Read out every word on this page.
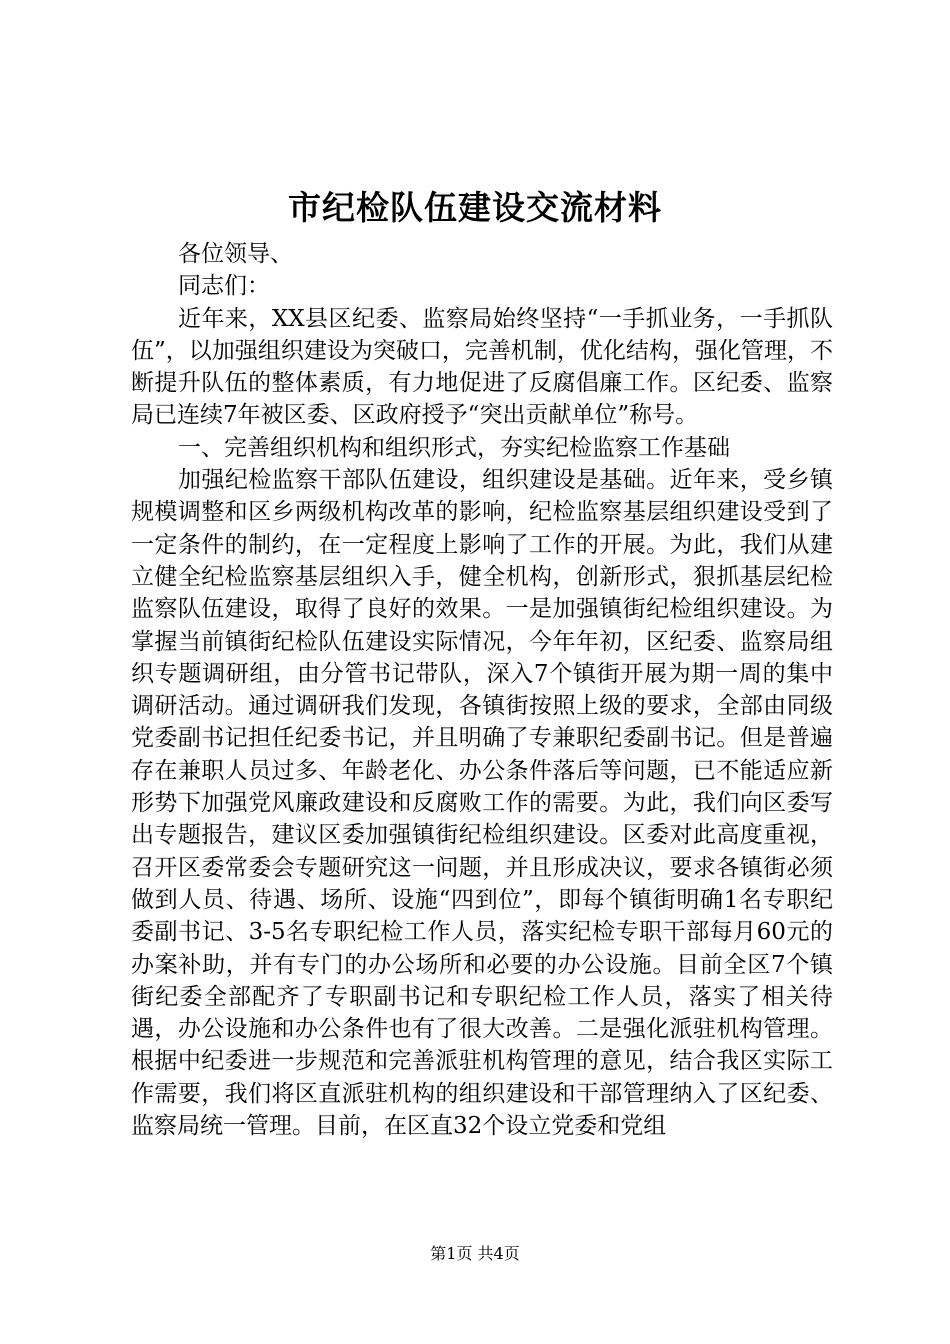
市纪检队伍建设交流材料

各位领导、

同志们：

近年来，XX县区纪委、监察局始终坚持“一手抓业务，一手抓队伍”，以加强组织建设为突破口，完善机制，优化结构，强化管理，不断提升队伍的整体素质，有力地促进了反腐倡廉工作。区纪委、监察局已连续7年被区委、区政府授予“突出贡献单位”称号。

一、完善组织机构和组织形式，夯实纪检监察工作基础

加强纪检监察干部队伍建设，组织建设是基础。近年来，受乡镇规模调整和区乡两级机构改革的影响，纪检监察基层组织建设受到了一定条件的制约，在一定程度上影响了工作的开展。为此，我们从建立健全纪检监察基层组织入手，健全机构，创新形式，狠抓基层纪检监察队伍建设，取得了良好的效果。一是加强镇街纪检组织建设。为掌握当前镇街纪检队伍建设实际情况，今年年初，区纪委、监察局组织专题调研组，由分管书记带队，深入7个镇街开展为期一周的集中调研活动。通过调研我们发现，各镇街按照上级的要求，全部由同级党委副书记担任纪委书记，并且明确了专兼职纪委副书记。但是普遍存在兼职人员过多、年龄老化、办公条件落后等问题，已不能适应新形势下加强党风廉政建设和反腐败工作的需要。为此，我们向区委写出专题报告，建议区委加强镇街纪检组织建设。区委对此高度重视，召开区委常委会专题研究这一问题，并且形成决议，要求各镇街必须做到人员、待遇、场所、设施“四到位”，即每个镇街明确1名专职纪委副书记、3-5名专职纪检工作人员，落实纪检专职干部每月60元的办案补助，并有专门的办公场所和必要的办公设施。目前全区7个镇街纪委全部配齐了专职副书记和专职纪检工作人员，落实了相关待遇，办公设施和办公条件也有了很大改善。二是强化派驻机构管理。根据中纪委进一步规范和完善派驻机构管理的意见，结合我区实际工作需要，我们将区直派驻机构的组织建设和干部管理纳入了区纪委、监察局统一管理。目前，在区直32个设立党委和党组

第1页 共4页
